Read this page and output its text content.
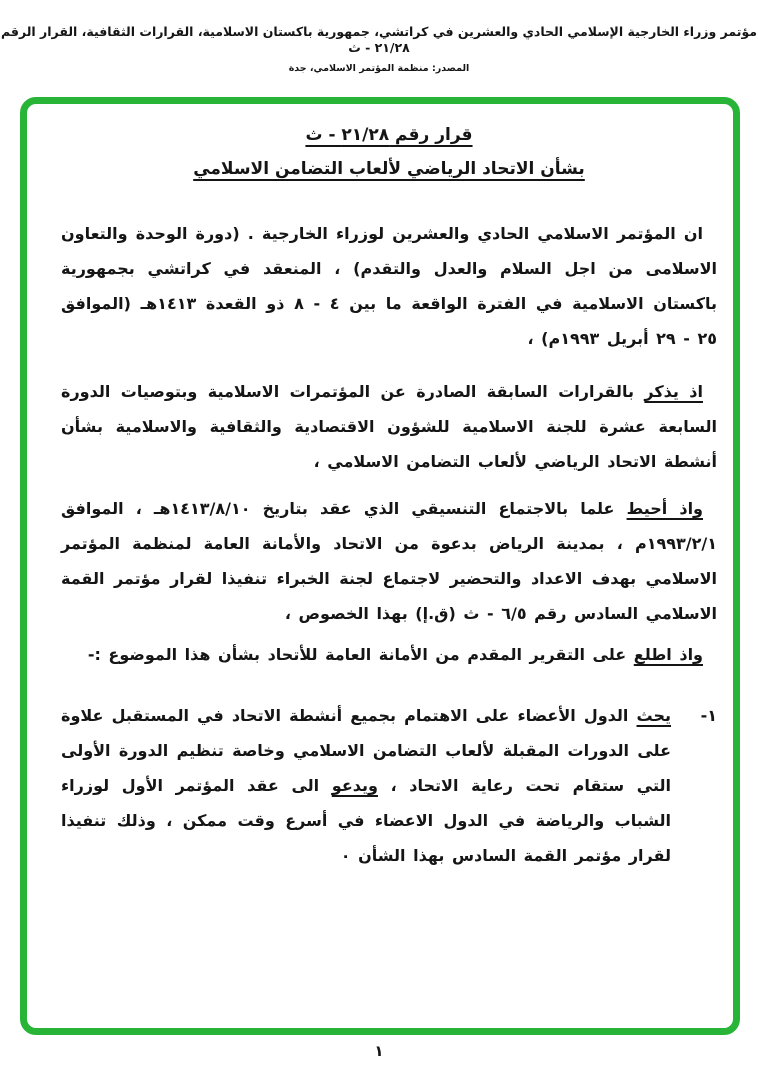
مؤتمر وزراء الخارجية الإسلامي الحادي والعشرين في كراتشي، جمهورية باكستان الاسلامية، القرارات الثقافية، القرار الرقم ٢١/٢٨ - ث
المصدر: منظمة المؤتمر الاسلامي، جدة
قرار رقم ٢١/٢٨ - ث
بشأن الاتحاد الرياضي لألعاب التضامن الاسلامي

ان المؤتمر الاسلامي الحادي والعشرين لوزراء الخارجية . (دورة الوحدة والتعاون الاسلامى من اجل السلام والعدل والتقدم) ، المنعقد في كراتشي بجمهورية باكستان الاسلامية في الفترة الواقعة ما بين ٤ - ٨ ذو القعدة ١٤١٣هـ (الموافق ٢٥ - ٢٩ أبريل ١٩٩٣م) ،

اذ يذكر بالقرارات السابقة الصادرة عن المؤتمرات الاسلامية وبتوصيات الدورة السابعة عشرة للجنة الاسلامية للشؤون الاقتصادية والثقافية والاسلامية بشأن أنشطة الاتحاد الرياضي لألعاب التضامن الاسلامي ،

واذ أحيط علما بالاجتماع التنسيقي الذي عقد بتاريخ ١٤١٣/٨/١٠هـ ، الموافق ١٩٩٣/٢/١م ، بمدينة الرياض بدعوة من الاتحاد والأمانة العامة لمنظمة المؤتمر الاسلامي بهدف الاعداد والتحضير لاجتماع لجنة الخبراء تنفيذا لقرار مؤتمر القمة الاسلامي السادس رقم ٦/٥ - ث (ق.إ) بهذا الخصوص ،

واذ اطلع على التقرير المقدم من الأمانة العامة للأتحاد بشأن هذا الموضوع :-

١-

يحث الدول الأعضاء على الاهتمام بجميع أنشطة الاتحاد في المستقبل علاوة على الدورات المقبلة لألعاب التضامن الاسلامي وخاصة تنظيم الدورة الأولى التي ستقام تحت رعاية الاتحاد ، ويدعو الى عقد المؤتمر الأول لوزراء الشباب والرياضة في الدول الاعضاء في أسرع وقت ممكن ، وذلك تنفيذا لقرار مؤتمر القمة السادس بهذا الشأن ٠

١
